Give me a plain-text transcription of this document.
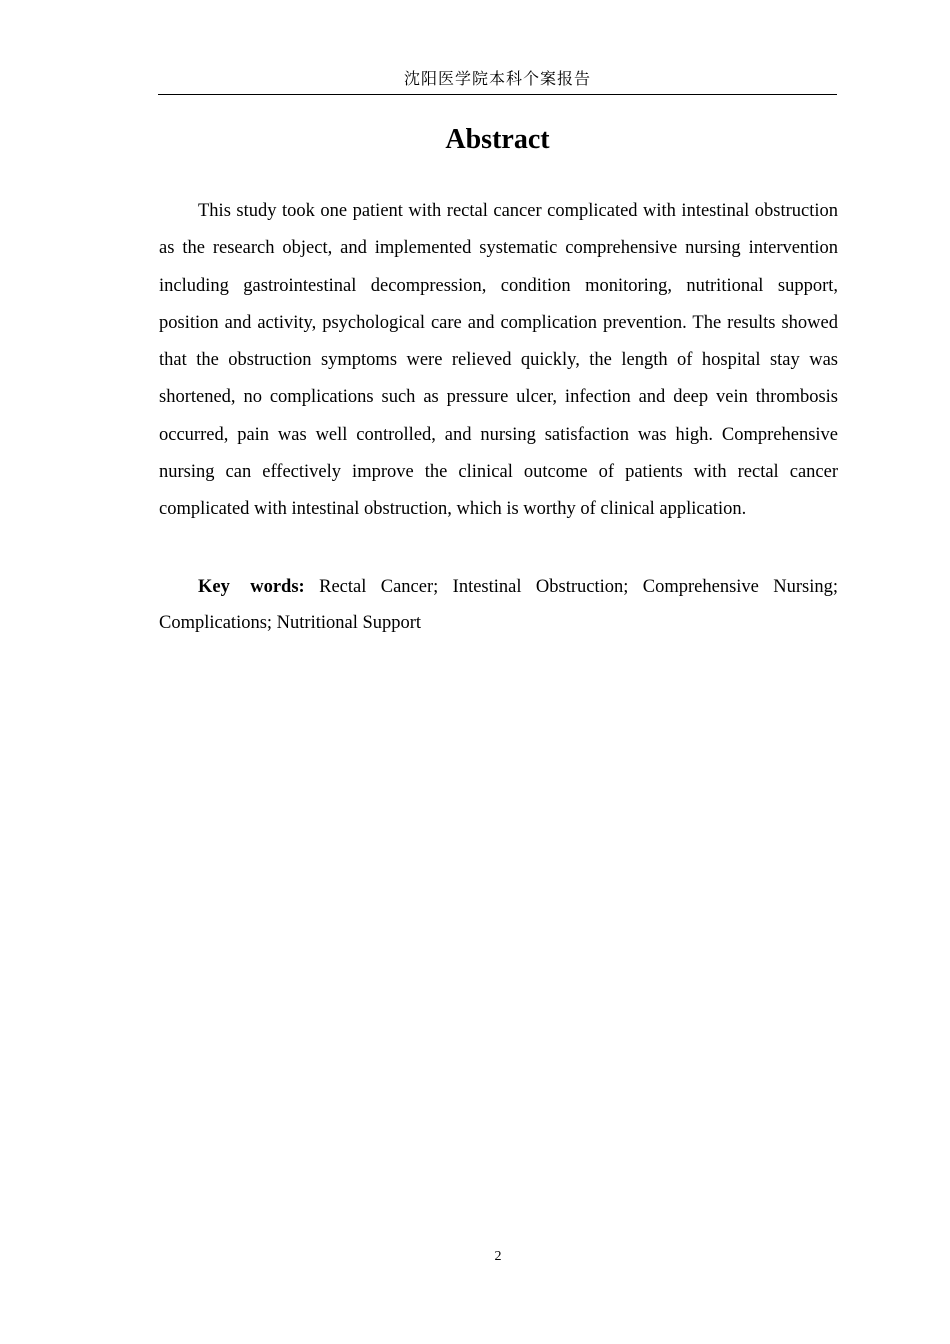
沈阳医学院本科个案报告
Abstract

This study took one patient with rectal cancer complicated with intestinal obstruction as the research object, and implemented systematic comprehensive nursing intervention including gastrointestinal decompression, condition monitoring, nutritional support, position and activity, psychological care and complication prevention. The results showed that the obstruction symptoms were relieved quickly, the length of hospital stay was shortened, no complications such as pressure ulcer, infection and deep vein thrombosis occurred, pain was well controlled, and nursing satisfaction was high. Comprehensive nursing can effectively improve the clinical outcome of patients with rectal cancer complicated with intestinal obstruction, which is worthy of clinical application.

Key words: Rectal Cancer; Intestinal Obstruction; Comprehensive Nursing; Complications; Nutritional Support

2
